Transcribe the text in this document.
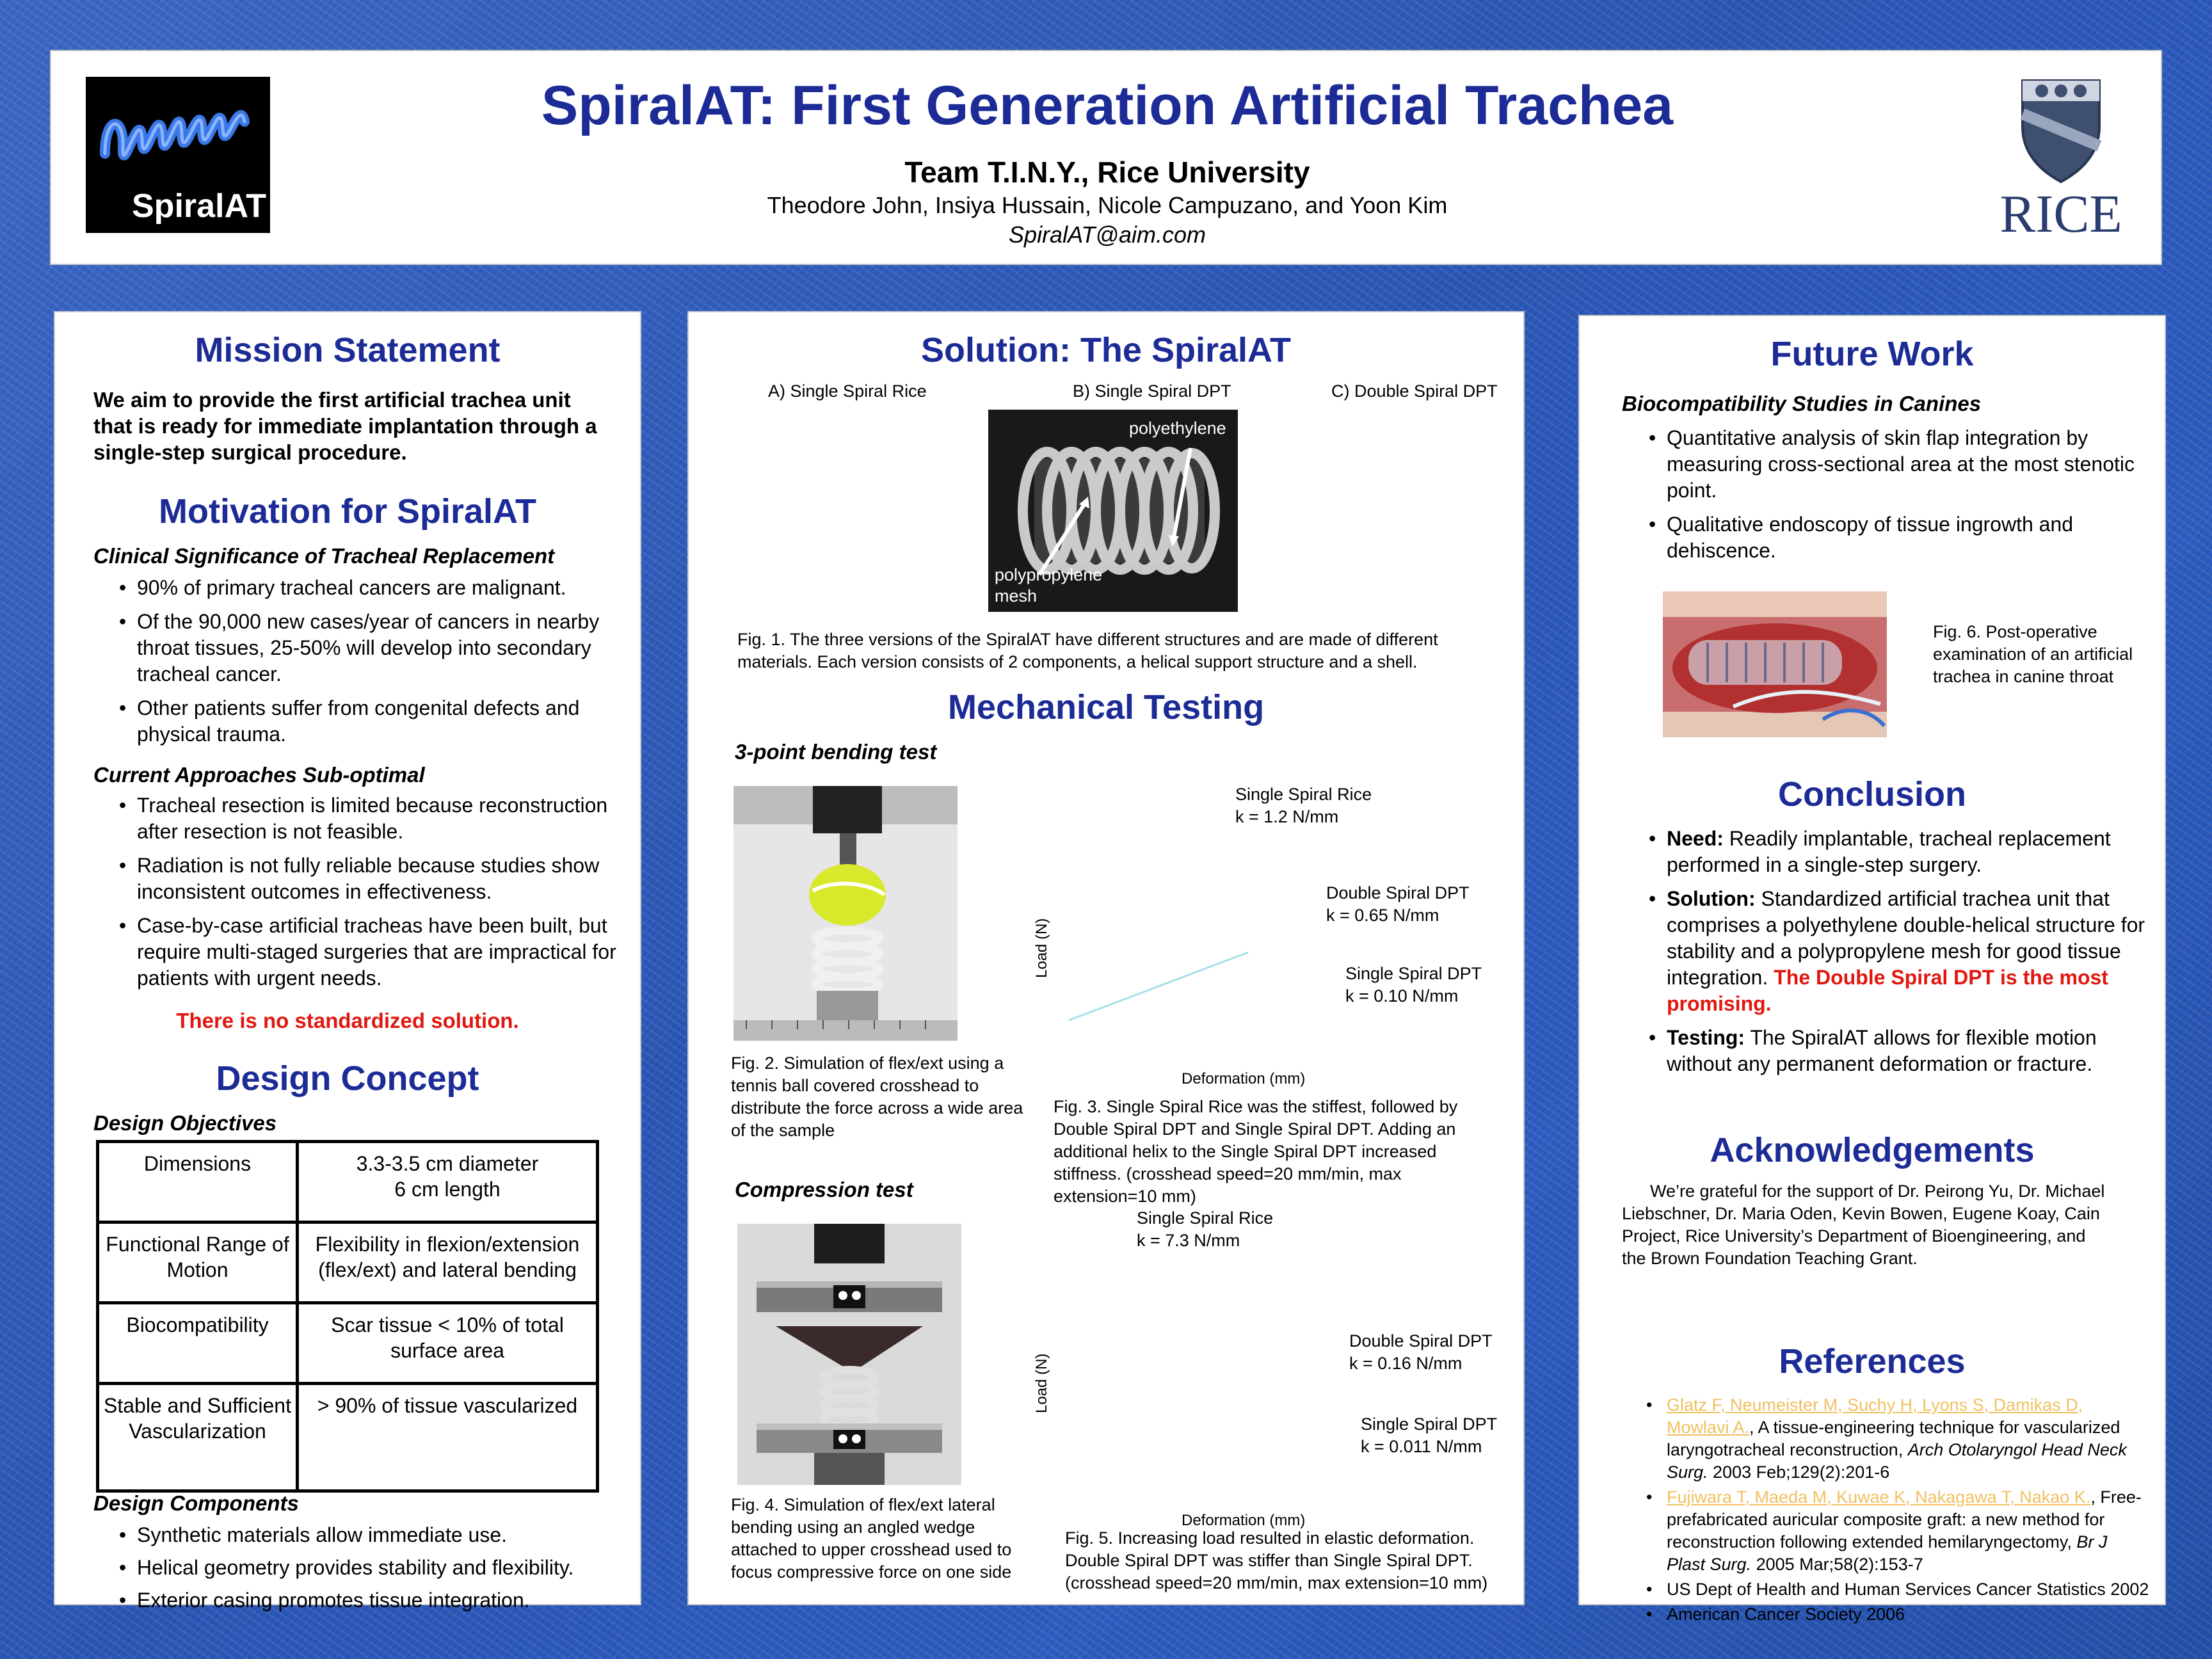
SpiralAT
SpiralAT: First Generation Artificial Trachea
Team T.I.N.Y., Rice University
Theodore John, Insiya Hussain, Nicole Campuzano, and Yoon Kim
SpiralAT@aim.com	RICE
Mission Statement
We aim to provide the first artificial trachea unit that is ready for immediate implantation through a single-step surgical procedure.
Motivation for SpiralAT
Clinical Significance of Tracheal Replacement
• 90% of primary tracheal cancers are malignant.
• Of the 90,000 new cases/year of cancers in nearby throat tissues, 25-50% will develop into secondary tracheal cancer.
• Other patients suffer from congenital defects and physical trauma.
Current Approaches Sub-optimal
• Tracheal resection is limited because reconstruction after resection is not feasible.
• Radiation is not fully reliable because studies show inconsistent outcomes in effectiveness.
• Case-by-case artificial tracheas have been built, but require multi-staged surgeries that are impractical for patients with urgent needs.
There is no standardized solution.
Design Concept
Design Objectives
Dimensions	3.3-3.5 cm diameter
6 cm length
Functional Range of Motion	Flexibility in flexion/extension (flex/ext) and lateral bending
Biocompatibility	Scar tissue < 10% of total surface area
Stable and Sufficient Vascularization	> 90% of tissue vascularized
Design Components
• Synthetic materials allow immediate use.
• Helical geometry provides stability and flexibility.
• Exterior casing promotes tissue integration.
Solution: The SpiralAT
A) Single Spiral Rice	B) Single Spiral DPT	C) Double Spiral DPT
polyethylene
polypropylene mesh
Fig. 1. The three versions of the SpiralAT have different structures and are made of different materials. Each version consists of 2 components, a helical support structure and a shell.
Mechanical Testing
3-point bending test
Fig. 2. Simulation of flex/ext using a tennis ball covered crosshead to distribute the force across a wide area of the sample
Load (N)
Single Spiral Rice
k = 1.2 N/mm
Double Spiral DPT
k = 0.65 N/mm
Single Spiral DPT
k = 0.10 N/mm
Deformation (mm)
Fig. 3. Single Spiral Rice was the stiffest, followed by Double Spiral DPT and Single Spiral DPT. Adding an additional helix to the Single Spiral DPT increased stiffness. (crosshead speed=20 mm/min, max extension=10 mm)
Compression test
Fig. 4. Simulation of flex/ext lateral bending using an angled wedge attached to upper crosshead used to focus compressive force on one side
Load (N)
Single Spiral Rice
k = 7.3 N/mm
Double Spiral DPT
k = 0.16 N/mm
Single Spiral DPT
k = 0.011 N/mm
Deformation (mm)
Fig. 5. Increasing load resulted in elastic deformation. Double Spiral DPT was stiffer than Single Spiral DPT. (crosshead speed=20 mm/min, max extension=10 mm)
Future Work
Biocompatibility Studies in Canines
• Quantitative analysis of skin flap integration by measuring cross-sectional area at the most stenotic point.
• Qualitative endoscopy of tissue ingrowth and dehiscence.
Fig. 6. Post-operative examination of an artificial trachea in canine throat
Conclusion
• Need: Readily implantable, tracheal replacement performed in a single-step surgery.
• Solution: Standardized artificial trachea unit that comprises a polyethylene double-helical structure for stability and a polypropylene mesh for good tissue integration. The Double Spiral DPT is the most promising.
• Testing: The SpiralAT allows for flexible motion without any permanent deformation or fracture.
Acknowledgements
We’re grateful for the support of Dr. Peirong Yu, Dr. Michael Liebschner, Dr. Maria Oden, Kevin Bowen, Eugene Koay, Cain Project, Rice University’s Department of Bioengineering, and the Brown Foundation Teaching Grant.
References
• Glatz F, Neumeister M, Suchy H, Lyons S, Damikas D, Mowlavi A., A tissue-engineering technique for vascularized laryngotracheal reconstruction, Arch Otolaryngol Head Neck Surg. 2003 Feb;129(2):201-6
• Fujiwara T, Maeda M, Kuwae K, Nakagawa T, Nakao K., Free-prefabricated auricular composite graft: a new method for reconstruction following extended hemilaryngectomy, Br J Plast Surg. 2005 Mar;58(2):153-7
• US Dept of Health and Human Services Cancer Statistics 2002
• American Cancer Society 2006
